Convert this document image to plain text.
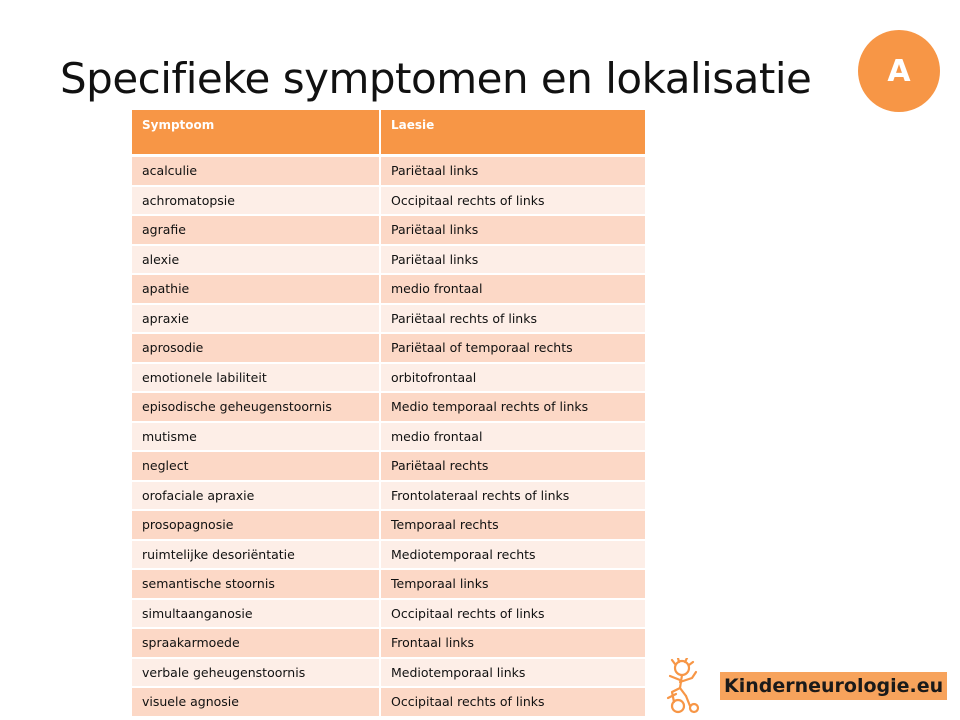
Specifieke symptomen en lokalisatie	A
Symptoom	Laesie
acalculie	Pariëtaal links
achromatopsie	Occipitaal rechts of links
agrafie	Pariëtaal links
alexie	Pariëtaal links
apathie	medio frontaal
apraxie	Pariëtaal rechts of links
aprosodie	Pariëtaal of temporaal rechts
emotionele labiliteit	orbitofrontaal
episodische geheugenstoornis	Medio temporaal rechts of links
mutisme	medio frontaal
neglect	Pariëtaal rechts
orofaciale apraxie	Frontolateraal rechts of links
prosopagnosie	Temporaal rechts
ruimtelijke desoriëntatie	Mediotemporaal rechts
semantische stoornis	Temporaal links
simultaanganosie	Occipitaal rechts of links
spraakarmoede	Frontaal links
verbale geheugenstoornis	Mediotemporaal links
visuele agnosie	Occipitaal rechts of links
Kinderneurologie.eu
